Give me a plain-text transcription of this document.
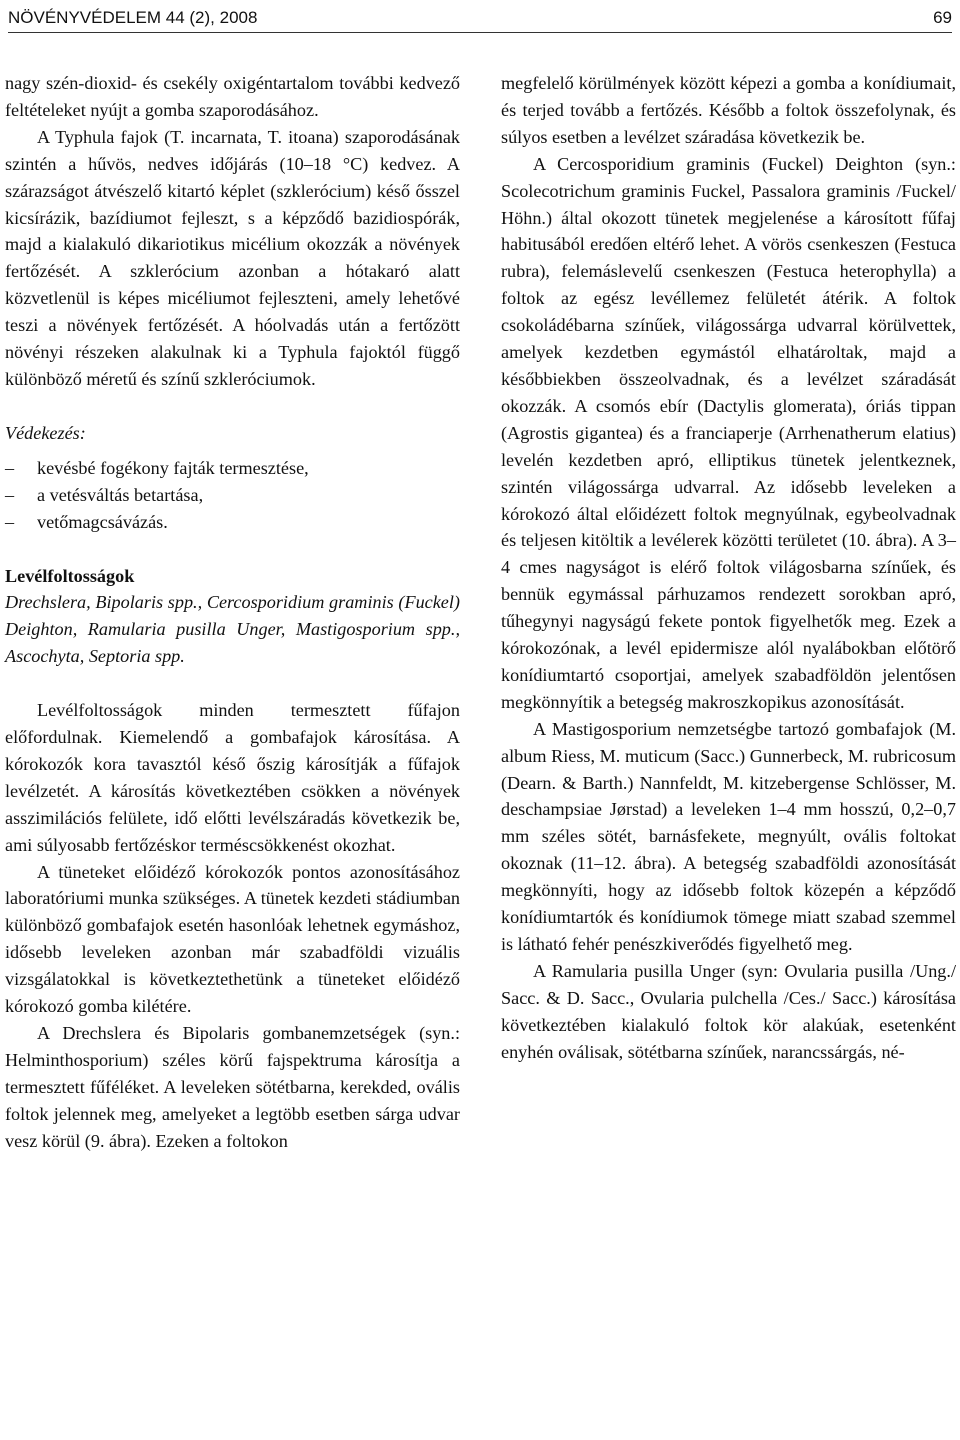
NÖVÉNYVÉDELEM 44 (2), 2008	69

nagy szén-dioxid- és csekély oxigéntartalom további kedvező feltételeket nyújt a gomba szaporodásához.

A Typhula fajok (T. incarnata, T. itoana) szaporodásának szintén a hűvös, nedves időjárás (10–18 °C) kedvez. A szárazságot átvészelő kitartó képlet (szklerócium) késő ősszel kicsírázik, bazídiumot fejleszt, s a képződő bazidiospórák, majd a kialakuló dikariotikus micélium okozzák a növények fertőzését. A szklerócium azonban a hótakaró alatt közvetlenül is képes micéliumot fejleszteni, amely lehetővé teszi a növények fertőzését. A hóolvadás után a fertőzött növényi részeken alakulnak ki a Typhula fajoktól függő különböző méretű és színű szkleróciumok.

Védekezés:

– kevésbé fogékony fajták termesztése,
– a vetésváltás betartása,
– vetőmagcsávázás.

Levélfoltosságok

Drechslera, Bipolaris spp., Cercosporidium graminis (Fuckel) Deighton, Ramularia pusilla Unger, Mastigosporium spp., Ascochyta, Septoria spp.

Levélfoltosságok minden termesztett fűfajon előfordulnak. Kiemelendő a gombafajok károsítása. A kórokozók kora tavasztól késő őszig károsítják a fűfajok levélzetét. A károsítás következtében csökken a növények asszimilációs felülete, idő előtti levélszáradás következik be, ami súlyosabb fertőzéskor terméscsökkenést okozhat.

A tüneteket előidéző kórokozók pontos azonosításához laboratóriumi munka szükséges. A tünetek kezdeti stádiumban különböző gombafajok esetén hasonlóak lehetnek egymáshoz, idősebb leveleken azonban már szabadföldi vizuális vizsgálatokkal is következtethetünk a tüneteket előidéző kórokozó gomba kilétére.

A Drechslera és Bipolaris gombanemzetségek (syn.: Helminthosporium) széles körű fajspektruma károsítja a termesztett fűféléket. A leveleken sötétbarna, kerekded, ovális foltok jelennek meg, amelyeket a legtöbb esetben sárga udvar vesz körül (9. ábra). Ezeken a foltokon

megfelelő körülmények között képezi a gomba a konídiumait, és terjed tovább a fertőzés. Később a foltok összefolynak, és súlyos esetben a levélzet száradása következik be.

A Cercosporidium graminis (Fuckel) Deighton (syn.: Scolecotrichum graminis Fuckel, Passalora graminis /Fuckel/ Höhn.) által okozott tünetek megjelenése a károsított fűfaj habitusából eredően eltérő lehet. A vörös csenkeszen (Festuca rubra), felemáslevelű csenkeszen (Festuca heterophylla) a foltok az egész levéllemez felületét átérik. A foltok csokoládébarna színűek, világossárga udvarral körülvettek, amelyek kezdetben egymástól elhatároltak, majd a későbbiekben összeolvadnak, és a levélzet száradását okozzák. A csomós ebír (Dactylis glomerata), óriás tippan (Agrostis gigantea) és a franciaperje (Arrhenatherum elatius) levelén kezdetben apró, elliptikus tünetek jelentkeznek, szintén világossárga udvarral. Az idősebb leveleken a kórokozó által előidézett foltok megnyúlnak, egybeolvadnak és teljesen kitöltik a levélerek közötti területet (10. ábra). A 3–4 cmes nagyságot is elérő foltok világosbarna színűek, és bennük egymással párhuzamos rendezett sorokban apró, tűhegynyi nagyságú fekete pontok figyelhetők meg. Ezek a kórokozónak, a levél epidermisze alól nyalábokban előtörő konídiumtartó csoportjai, amelyek szabadföldön jelentősen megkönnyítik a betegség makroszkopikus azonosítását.

A Mastigosporium nemzetségbe tartozó gombafajok (M. album Riess, M. muticum (Sacc.) Gunnerbeck, M. rubricosum (Dearn. & Barth.) Nannfeldt, M. kitzebergense Schlösser, M. deschampsiae Jørstad) a leveleken 1–4 mm hosszú, 0,2–0,7 mm széles sötét, barnásfekete, megnyúlt, ovális foltokat okoznak (11–12. ábra). A betegség szabadföldi azonosítását megkönnyíti, hogy az idősebb foltok közepén a képződő konídiumtartók és konídiumok tömege miatt szabad szemmel is látható fehér penészkiverődés figyelhető meg.

A Ramularia pusilla Unger (syn: Ovularia pusilla /Ung./ Sacc. & D. Sacc., Ovularia pulchella /Ces./ Sacc.) károsítása következtében kialakuló foltok kör alakúak, esetenként enyhén oválisak, sötétbarna színűek, narancssárgás, né-
